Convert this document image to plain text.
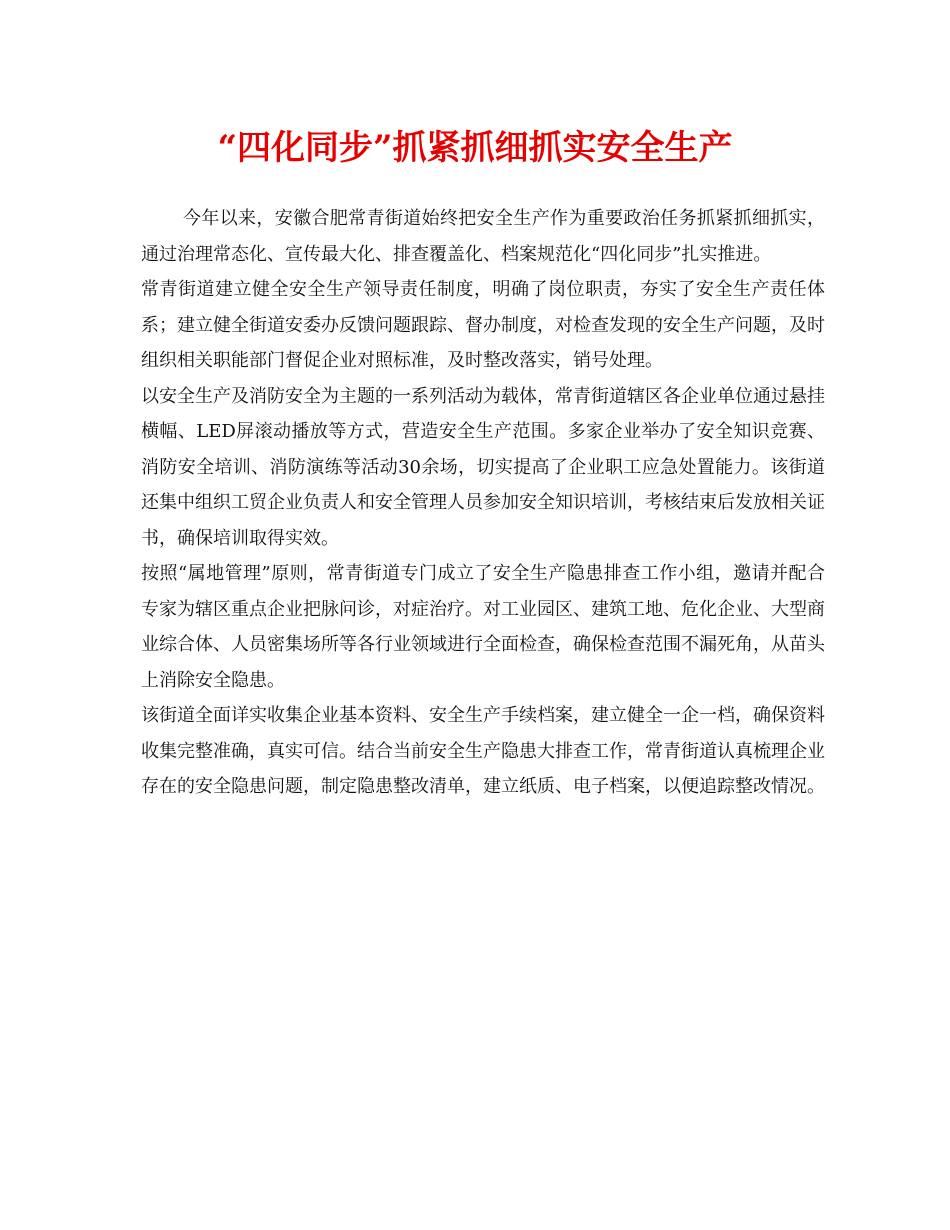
“四化同步”抓紧抓细抓实安全生产

今年以来，安徽合肥常青街道始终把安全生产作为重要政治任务抓紧抓细抓实，通过治理常态化、宣传最大化、排查覆盖化、档案规范化“四化同步”扎实推进。

常青街道建立健全安全生产领导责任制度，明确了岗位职责，夯实了安全生产责任体系；建立健全街道安委办反馈问题跟踪、督办制度，对检查发现的安全生产问题，及时组织相关职能部门督促企业对照标准，及时整改落实，销号处理。

以安全生产及消防安全为主题的一系列活动为载体，常青街道辖区各企业单位通过悬挂横幅、LED屏滚动播放等方式，营造安全生产范围。多家企业举办了安全知识竞赛、消防安全培训、消防演练等活动30余场，切实提高了企业职工应急处置能力。该街道还集中组织工贸企业负责人和安全管理人员参加安全知识培训，考核结束后发放相关证书，确保培训取得实效。

按照“属地管理”原则，常青街道专门成立了安全生产隐患排查工作小组，邀请并配合专家为辖区重点企业把脉问诊，对症治疗。对工业园区、建筑工地、危化企业、大型商业综合体、人员密集场所等各行业领域进行全面检查，确保检查范围不漏死角，从苗头上消除安全隐患。

该街道全面详实收集企业基本资料、安全生产手续档案，建立健全一企一档，确保资料收集完整准确，真实可信。结合当前安全生产隐患大排查工作，常青街道认真梳理企业存在的安全隐患问题，制定隐患整改清单，建立纸质、电子档案，以便追踪整改情况。
